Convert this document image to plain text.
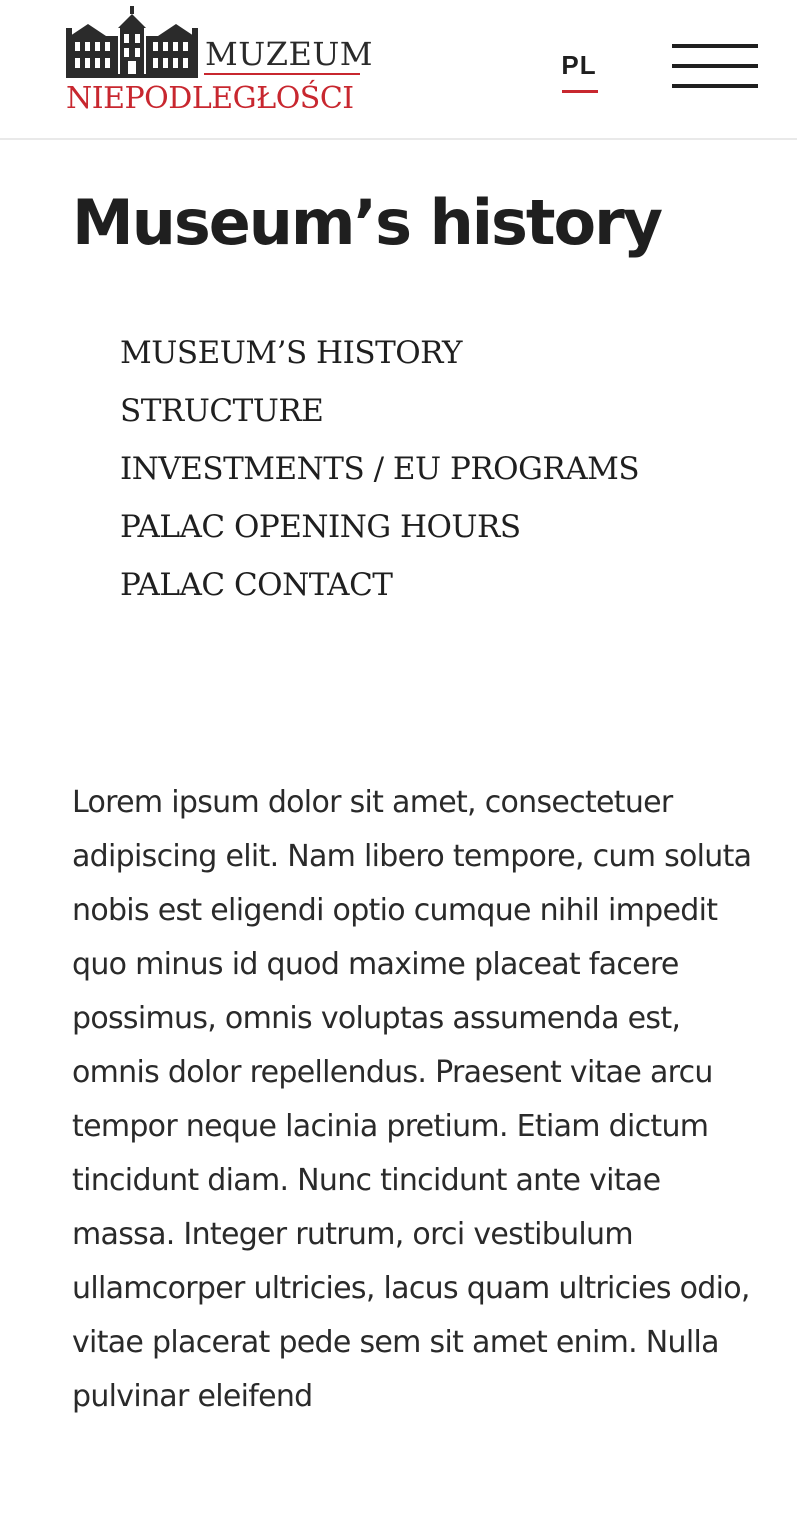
MUZEUM
NIEPODLEGŁOŚCI
PL
Museum’s history
MUSEUM’S HISTORY
STRUCTURE
INVESTMENTS / EU PROGRAMS
PALAC OPENING HOURS
PALAC CONTACT

Lorem ipsum dolor sit amet, consectetuer adipiscing elit. Nam libero tempore, cum soluta nobis est eligendi optio cumque nihil impedit quo minus id quod maxime placeat facere possimus, omnis voluptas assumenda est, omnis dolor repellendus. Praesent vitae arcu tempor neque lacinia pretium. Etiam dictum tincidunt diam. Nunc tincidunt ante vitae massa. Integer rutrum, orci vestibulum ullamcorper ultricies, lacus quam ultricies odio, vitae placerat pede sem sit amet enim. Nulla pulvinar eleifend
